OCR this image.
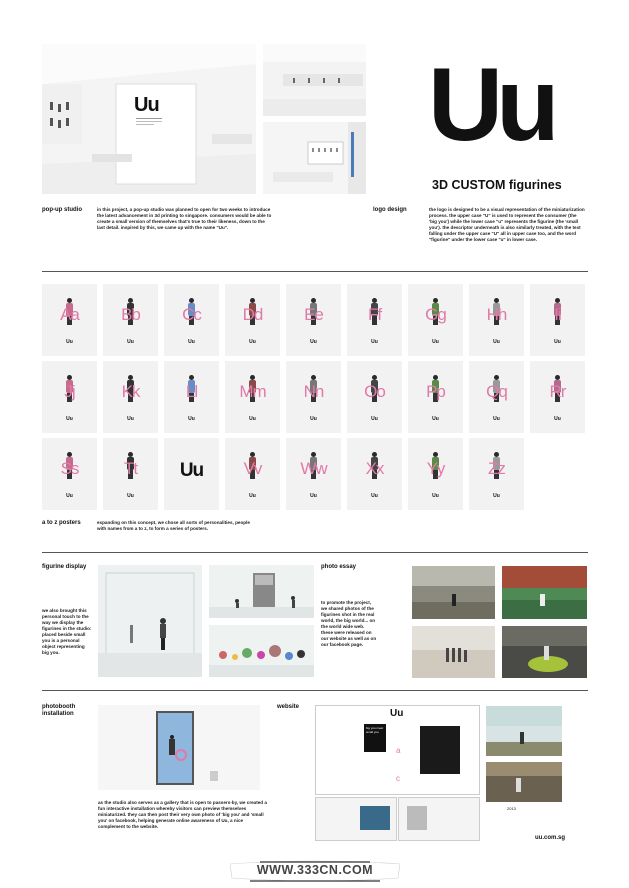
Uu	Uu
3D CUSTOM figurines
pop-up studio	in this project, a pop-up studio was planned to open for two weeks to introduce the latest advancement in 3d printing to singapore. consumers would be able to create a small version of themselves that's true to their likeness, down to the last detail. inspired by this, we came up with the name "Uu".
logo design	the logo is designed to be a visual representation of the miniaturization process. the upper case "U" is used to represent the consumer (the 'big you') while the lower case "u" represents the figurine (the 'small you'). the descriptor underneath is also similarly treated, with the text falling under the upper case "U" all in upper case too, and the word "figurine" under the lower case "u" in lower case.
Aa
Uu
Bb
Uu
Cc
Uu
Dd
Uu
Ee
Uu
Ff
Uu
Gg
Uu
Hh
Uu
Ii
Uu
Jj
Uu
Kk
Uu
Ll
Uu
Mm
Uu
Nn
Uu
Oo
Uu
Pp
Uu
Qq
Uu
Rr
Uu
Ss
Uu
Tt
Uu
Uu	Vv
Uu
Ww
Uu
Xx
Uu
Yy
Uu
Zz
Uu
a to z posters	expanding on this concept, we chose all sorts of personalities, people with names from a to z, to form a series of posters.
figurine display
we also brought this personal touch to the way we display the figurines in the studio: placed beside small you is a personal object representing big you.
photo essay
to promote the project, we shared photos of the figurines shot in the real world, the big world... on the world wide web. these were released on our website as well as on our facebook page.
photobooth installation
as the studio also serves as a gallery that is open to passers-by, we created a fun interactive installation whereby visitors can preview themselves miniaturized. they can then post their very own photo of 'big you' and 'small you' on facebook, helping generate online awareness of Uu, a nice complement to the website.
website
Uu
big you meet small you
a
c
2013
uu.com.sg
WWW.333CN.COM
